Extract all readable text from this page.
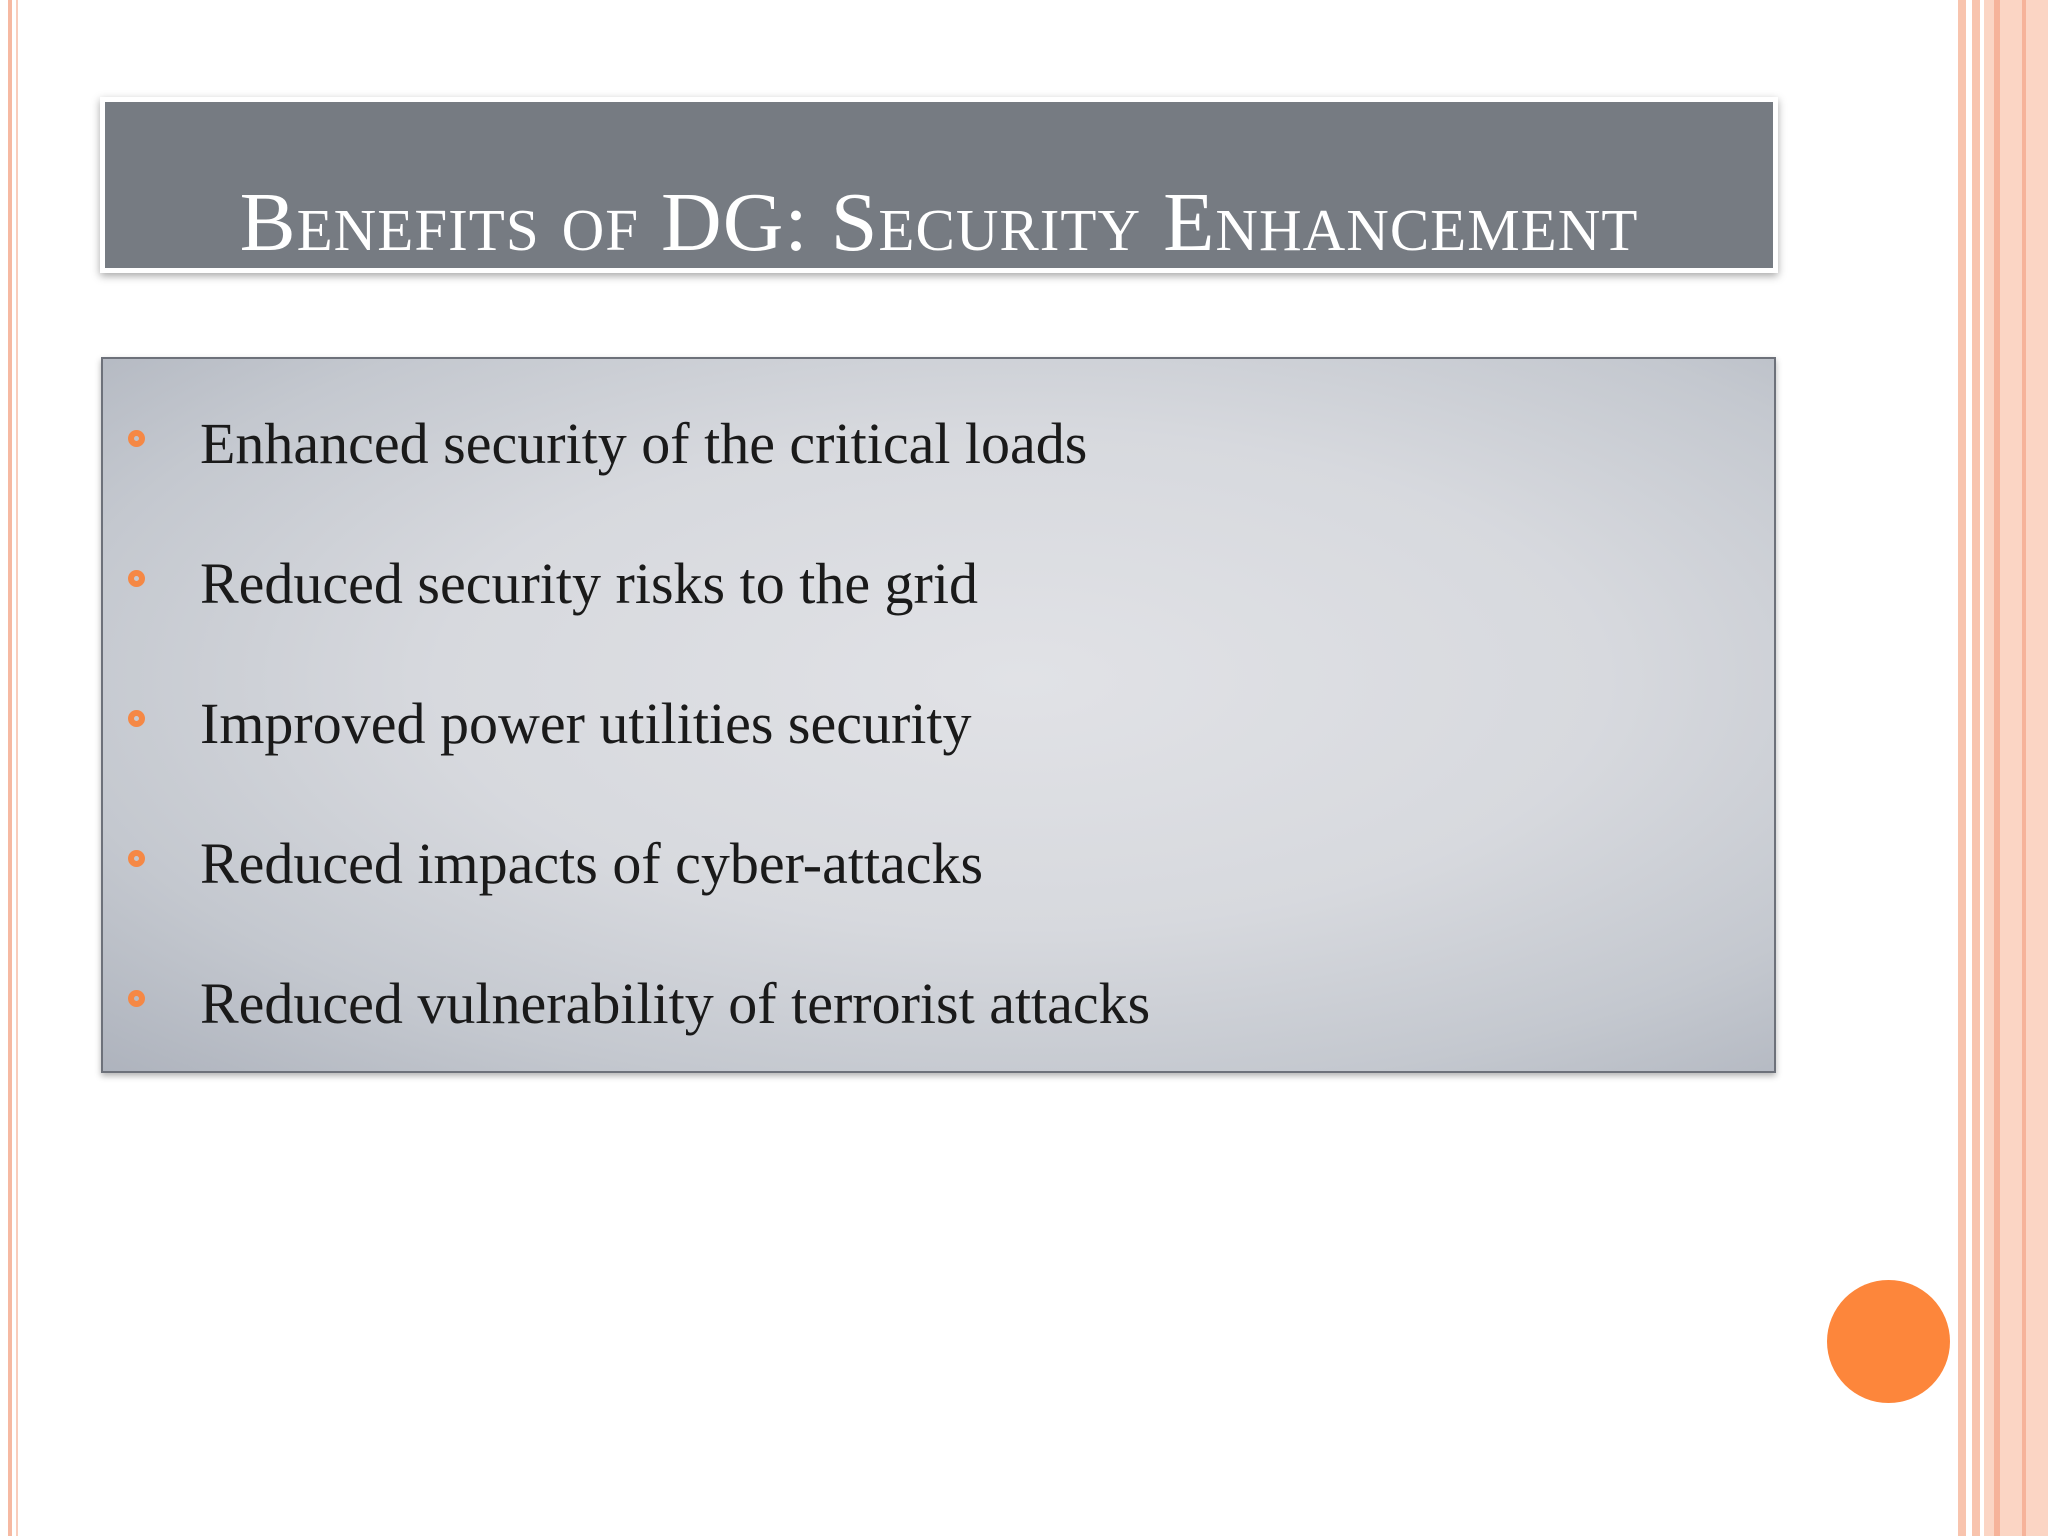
Benefits of DG: Security Enhancement
Enhanced security of the critical loads
Reduced security risks to the grid
Improved power utilities security
Reduced impacts of cyber-attacks
Reduced vulnerability of terrorist attacks
